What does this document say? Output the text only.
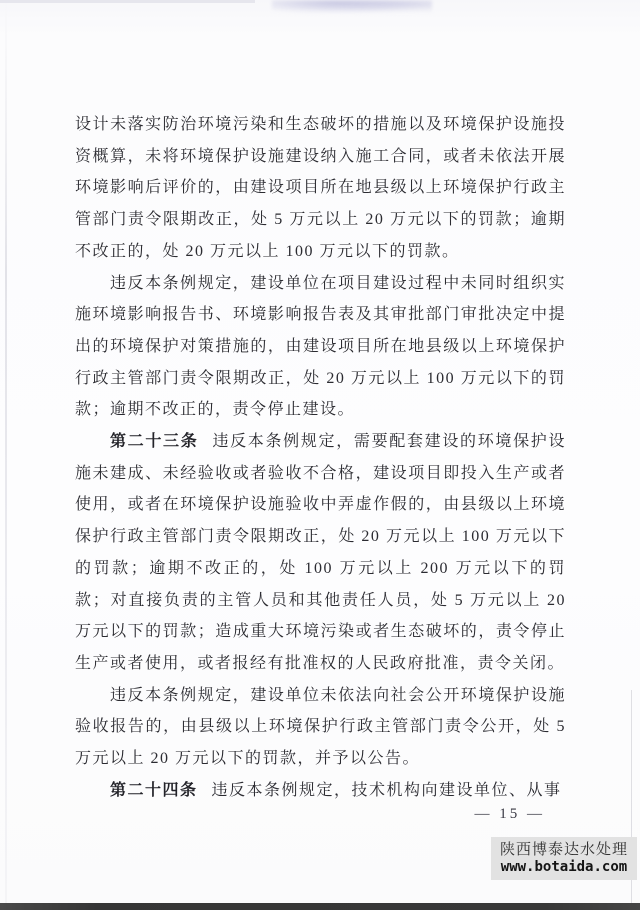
设计未落实防治环境污染和生态破坏的措施以及环境保护设施投资概算，未将环境保护设施建设纳入施工合同，或者未依法开展环境影响后评价的，由建设项目所在地县级以上环境保护行政主管部门责令限期改正，处 5 万元以上 20 万元以下的罚款；逾期不改正的，处 20 万元以上 100 万元以下的罚款。

违反本条例规定，建设单位在项目建设过程中未同时组织实施环境影响报告书、环境影响报告表及其审批部门审批决定中提出的环境保护对策措施的，由建设项目所在地县级以上环境保护行政主管部门责令限期改正，处 20 万元以上 100 万元以下的罚款；逾期不改正的，责令停止建设。

第二十三条 违反本条例规定，需要配套建设的环境保护设施未建成、未经验收或者验收不合格，建设项目即投入生产或者使用，或者在环境保护设施验收中弄虚作假的，由县级以上环境保护行政主管部门责令限期改正，处 20 万元以上 100 万元以下的罚款；逾期不改正的，处 100 万元以上 200 万元以下的罚款；对直接负责的主管人员和其他责任人员，处 5 万元以上 20 万元以下的罚款；造成重大环境污染或者生态破坏的，责令停止生产或者使用，或者报经有批准权的人民政府批准，责令关闭。

违反本条例规定，建设单位未依法向社会公开环境保护设施验收报告的，由县级以上环境保护行政主管部门责令公开，处 5 万元以上 20 万元以下的罚款，并予以公告。

第二十四条 违反本条例规定，技术机构向建设单位、从事

— 15 —
陕西博泰达水处理
www.botaida.com
